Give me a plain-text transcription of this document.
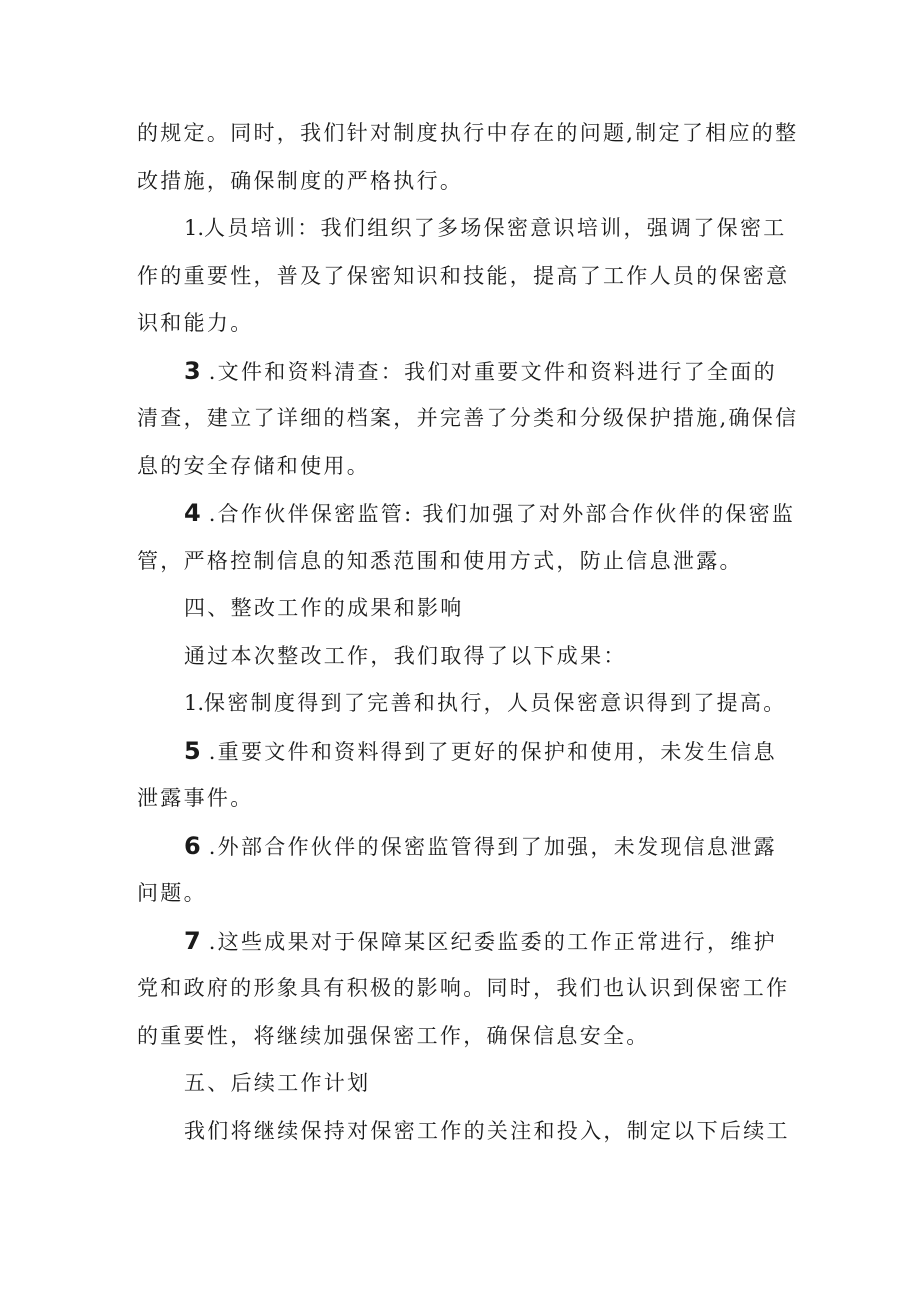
的规定。同时，我们针对制度执行中存在的问题,制定了相应的整
改措施，确保制度的严格执行。
1.人员培训：我们组织了多场保密意识培训，强调了保密工
作的重要性，普及了保密知识和技能，提高了工作人员的保密意
识和能力。
3 .文件和资料清查：我们对重要文件和资料进行了全面的
清查，建立了详细的档案，并完善了分类和分级保护措施,确保信
息的安全存储和使用。
4 .合作伙伴保密监管: 我们加强了对外部合作伙伴的保密监
管，严格控制信息的知悉范围和使用方式，防止信息泄露。
四、整改工作的成果和影响
通过本次整改工作，我们取得了以下成果：
1.保密制度得到了完善和执行，人员保密意识得到了提高。
5 .重要文件和资料得到了更好的保护和使用，未发生信息
泄露事件。
6 .外部合作伙伴的保密监管得到了加强，未发现信息泄露
问题。
7 .这些成果对于保障某区纪委监委的工作正常进行，维护
党和政府的形象具有积极的影响。同时，我们也认识到保密工作
的重要性，将继续加强保密工作，确保信息安全。
五、后续工作计划
我们将继续保持对保密工作的关注和投入，制定以下后续工
